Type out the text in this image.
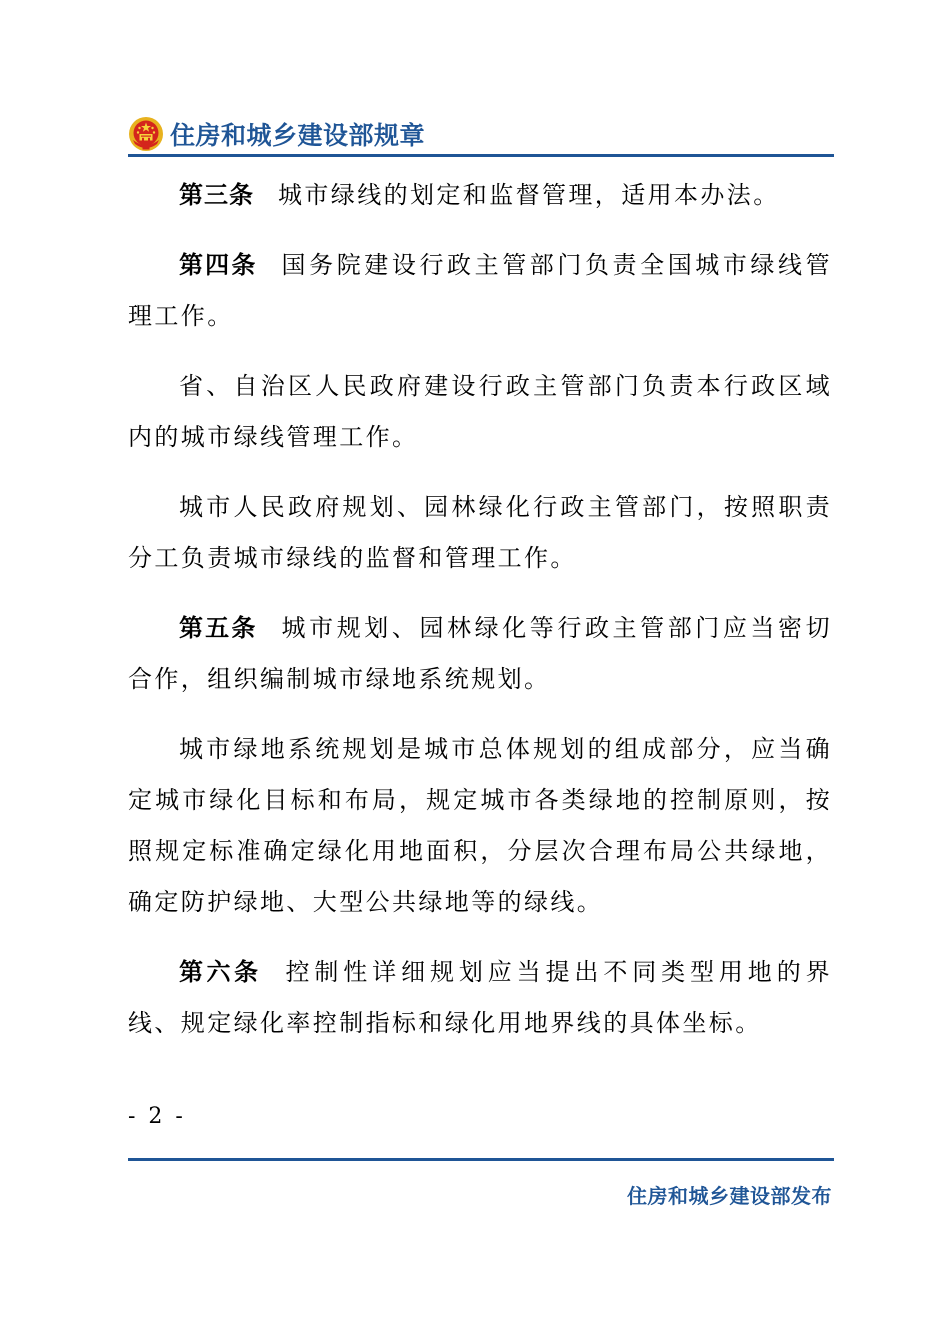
住房和城乡建设部规章

第三条 城市绿线的划定和监督管理，适用本办法。

第四条 国务院建设行政主管部门负责全国城市绿线管理工作。

省、自治区人民政府建设行政主管部门负责本行政区域内的城市绿线管理工作。

城市人民政府规划、园林绿化行政主管部门，按照职责分工负责城市绿线的监督和管理工作。

第五条 城市规划、园林绿化等行政主管部门应当密切合作，组织编制城市绿地系统规划。

城市绿地系统规划是城市总体规划的组成部分，应当确定城市绿化目标和布局，规定城市各类绿地的控制原则，按照规定标准确定绿化用地面积，分层次合理布局公共绿地，确定防护绿地、大型公共绿地等的绿线。

第六条 控制性详细规划应当提出不同类型用地的界线、规定绿化率控制指标和绿化用地界线的具体坐标。

- 2 -
住房和城乡建设部发布
